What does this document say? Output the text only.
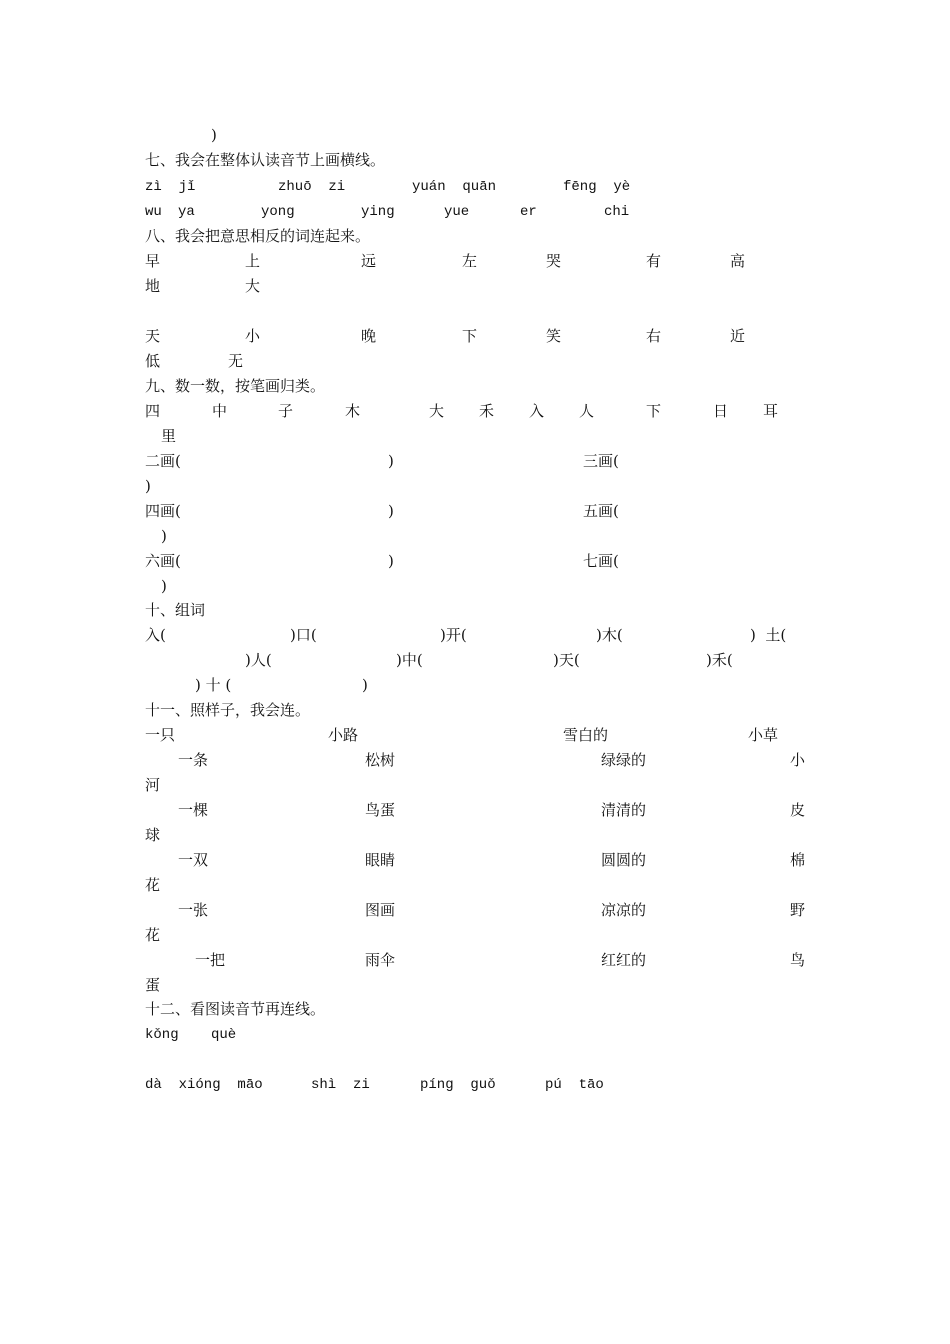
)
七、我会在整体认读音节上画横线。
zì  jǐ	zhuō  zi	yuán  quān	fēng  yè
wu ya	yong	ying	yue	er	chi
八、我会把意思相反的词连起来。
早	上	远	左	哭	有	高
地	大
天	小	晚	下	笑	右	近
低	无
九、数一数，按笔画归类。
四	中	子	木	大 禾 入 人	下	日 耳
里
二画(	)	三画(
)
四画(	)	五画(
)
六画(	)	七画(
)
十、组词
入(	)口(	)开(	)木(	)  土(
)人(	)中(	)天(	)禾(
) 十 (	)
十一、照样子，我会连。
一只	小路	雪白的	小草
一条	松树	绿绿的	小
河
一棵	鸟蛋	清清的	皮
球
一双	眼睛	圆圆的	棉
花
一张	图画	凉凉的	野
花
一把	雨伞	红红的	鸟
蛋
十二、看图读音节再连线。
kǒng què
dà  xióng  māo	shì  zi	píng  guǒ	pú  tāo
